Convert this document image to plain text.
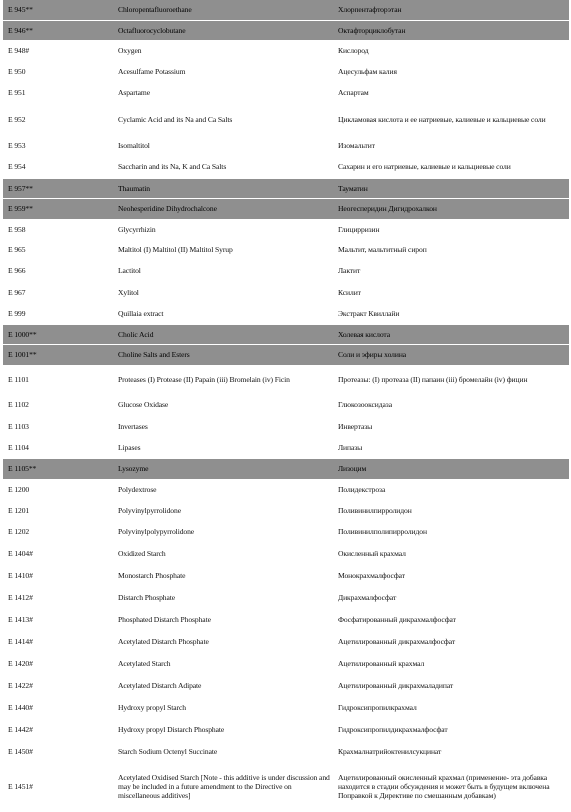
E 945**	Chloropentafluoroethane	Хлорпентафторэтан
E 946**	Octafluorocyclobutane	Октафторциклобутан
E 948#	Oxygen	Кислород
E 950	Acesulfame Potassium	Ацесульфам калия
E 951	Aspartame	Аспартам
E 952	Cyclamic Acid and its Na and Ca Salts	Цикламовая кислота и ее натриевые, калиевые и кальциевые соли
E 953	Isomaltitol	Изомальтит
E 954	Saccharin and its Na, K and Ca Salts	Сахарин и его натриевые, калиевые и кальциевые соли
E 957**	Thaumatin	Тауматин
E 959**	Neohesperidine Dihydrochalcone	Неогесперидин Дигидрохалкон
E 958	Glycyrrhizin	Глицирризин
E 965	Maltitol (I) Maltitol (II) Maltitol Syrup	Мальтит, мальтитный сироп
E 966	Lactitol	Лактит
E 967	Xylitol	Ксилит
E 999	Quillaia extract	Экстракт Квиллайи
E 1000**	Cholic Acid	Холевая кислота
E 1001**	Choline Salts and Esters	Соли и эфиры холина
E 1101	Proteases (I) Protease (II) Papain (iii) Bromelain (iv) Ficin	Протеазы: (I) протеаза (II) папаин (iii) бромелайн (iv) фицин
E 1102	Glucose Oxidase	Глюкозооксидаза
E 1103	Invertases	Инвертазы
E 1104	Lipases	Липазы
E 1105**	Lysozyme	Лизоцим
E 1200	Polydextrose	Полидекстроза
E 1201	Polyvinylpyrrolidone	Поливинилпирролидон
E 1202	Polyvinylpolypyrrolidone	Поливинилполипирролидон
E 1404#	Oxidized Starch	Окисленный крахмал
E 1410#	Monostarch Phosphate	Монокрахмалфосфат
E 1412#	Distarch Phosphate	Дикрахмалфосфат
E 1413#	Phosphated Distarch Phosphate	Фосфатированный дикрахмалфосфат
E 1414#	Acetylated Distarch Phosphate	Ацетилированный дикрахмалфосфат
E 1420#	Acetylated Starch	Ацетилированный крахмал
E 1422#	Acetylated Distarch Adipate	Ацетилированный дикрахмаладипат
E 1440#	Hydroxy propyl Starch	Гидроксипропилкрахмал
E 1442#	Hydroxy propyl Distarch Phosphate	Гидроксипропилдикрахмалфосфат
E 1450#	Starch Sodium Octenyl Succinate	Крахмалнатрийоктенилсукцинат
E 1451#	Acetylated Oxidised Starch [Note - this additive is under discussion and may be included in a future amendment to the Directive on miscellaneous additives]	Ацетилированный окисленный крахмал (применение- эта добавка находится в стадии обсуждения и может быть в будущем включена Поправкой к Директиве по смешанным добавкам)
